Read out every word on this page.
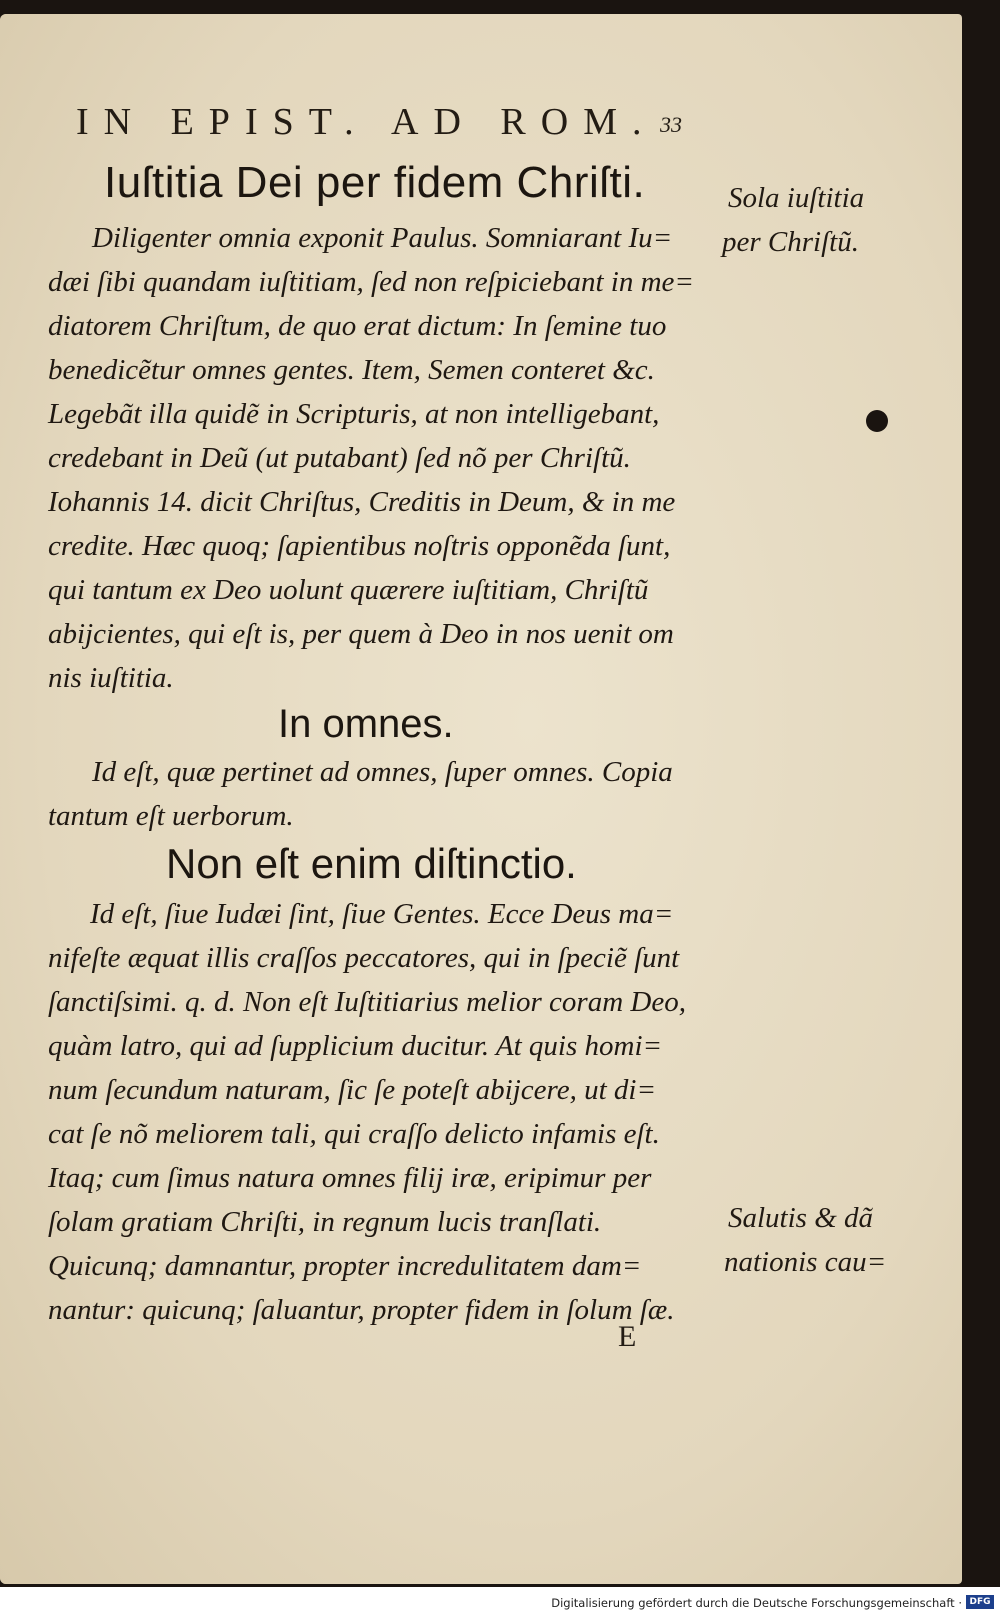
IN EPIST. AD ROM. 33
Iuſtitia Dei per fidem Chriſti.	Sola iuſtitia
per Chriſtũ.
Diligenter omnia exponit Paulus. Somniarant Iu=
dæi ſibi quandam iuſtitiam, ſed non reſpiciebant in me=
diatorem Chriſtum, de quo erat dictum: In ſemine tuo
benedicẽtur omnes gentes. Item, Semen conteret &c.
Legebãt illa quidẽ in Scripturis, at non intelligebant,
credebant in Deũ (ut putabant) ſed nõ per Chriſtũ.
Iohannis 14. dicit Chriſtus, Creditis in Deum, & in me
credite. Hæc quoq; ſapientibus noſtris opponẽda ſunt,
qui tantum ex Deo uolunt quærere iuſtitiam, Chriſtũ
abijcientes, qui eſt is, per quem à Deo in nos uenit om
nis iuſtitia.
In omnes.
Id eſt, quæ pertinet ad omnes, ſuper omnes. Copia
tantum eſt uerborum.
Non eſt enim diſtinctio.
Id eſt, ſiue Iudæi ſint, ſiue Gentes. Ecce Deus ma=
nifeſte æquat illis craſſos peccatores, qui in ſpeciẽ ſunt
ſanctiſsimi. q. d. Non eſt Iuſtitiarius melior coram Deo,
quàm latro, qui ad ſupplicium ducitur. At quis homi=
num ſecundum naturam, ſic ſe poteſt abijcere, ut di=
cat ſe nõ meliorem tali, qui craſſo delicto infamis eſt.
Itaq; cum ſimus natura omnes filij iræ, eripimur per
ſolam gratiam Chriſti, in regnum lucis tranſlati.
Quicunq; damnantur, propter incredulitatem dam=
nantur: quicunq; ſaluantur, propter fidem in ſolum ſæ.
Salutis & dã
nationis cau=
E
Digitalisierung gefördert durch die Deutsche Forschungsgemeinschaft · DFG
